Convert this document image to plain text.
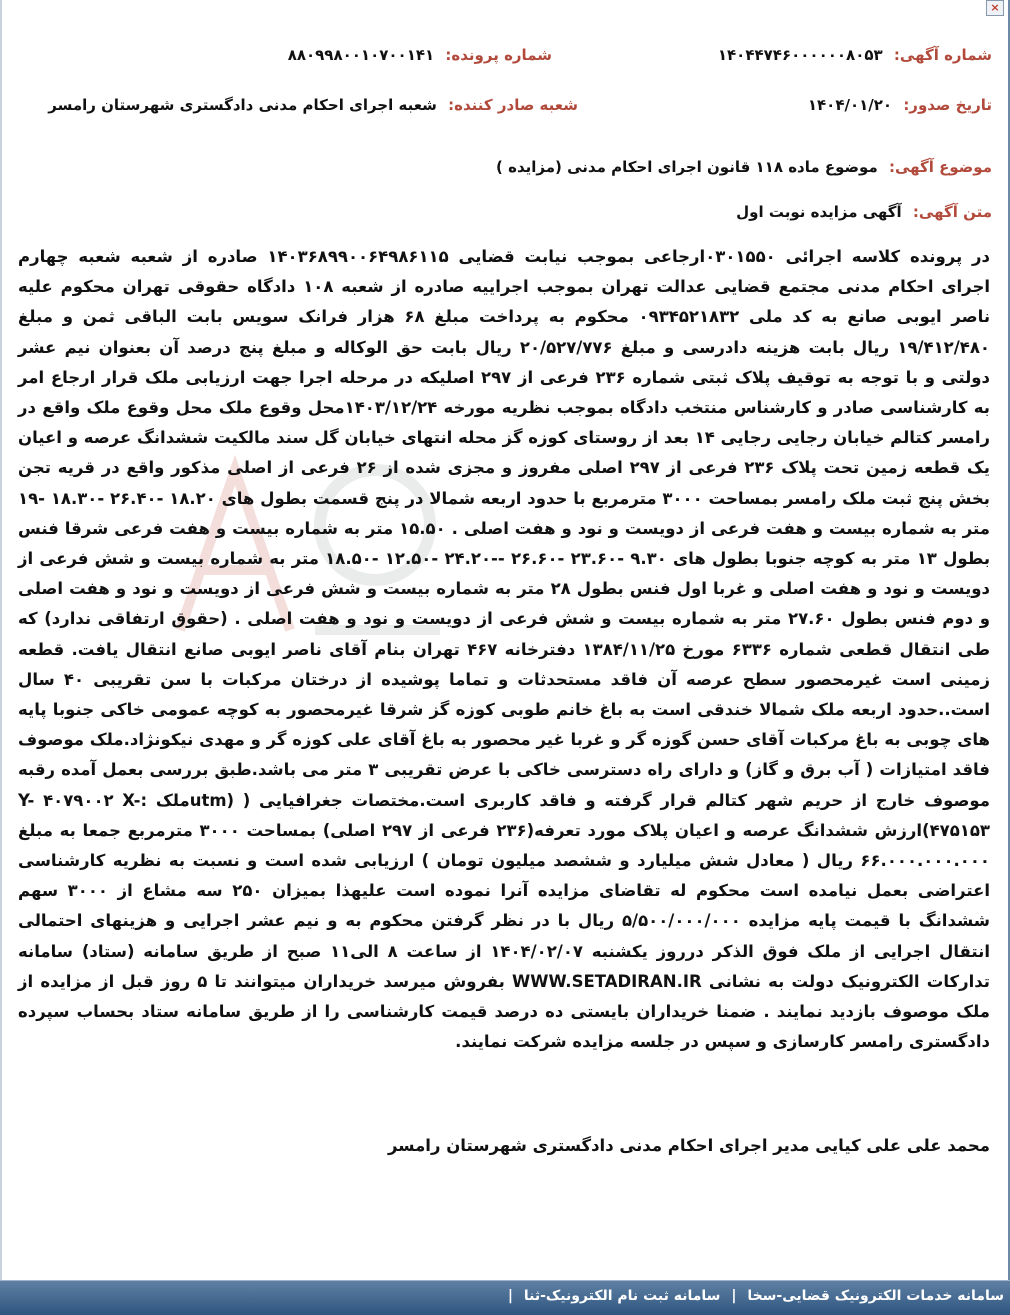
×
شماره آگهی: ۱۴۰۴۴۷۴۶۰۰۰۰۰۰۸۰۵۳
شماره پرونده: ۸۸۰۹۹۸۰۰۱۰۷۰۰۱۴۱
تاریخ صدور: ۱۴۰۴/۰۱/۲۰
شعبه صادر کننده: شعبه اجرای احکام مدنی دادگستری شهرستان رامسر
موضوع آگهی: موضوع ماده ۱۱۸ قانون اجرای احکام مدنی (مزایده )
متن آگهی: آگهی مزایده نوبت اول

در پرونده کلاسه اجرائی ۰۳۰۱۵۵۰ارجاعی بموجب نیابت قضایی ۱۴۰۳۶۸۹۹۰۰۶۴۹۸۶۱۱۵ صادره از شعبه شعبه چهارم اجرای احکام مدنی مجتمع قضایی عدالت تهران بموجب اجراییه صادره از شعبه ۱۰۸ دادگاه حقوقی تهران محکوم علیه ناصر ایوبی صانع به کد ملی ۰۹۳۴۵۲۱۸۳۲ محکوم به پرداخت مبلغ ۶۸ هزار فرانک سویس بابت الباقی ثمن و مبلغ ۱۹/۴۱۲/۴۸۰ ریال بابت هزینه دادرسی و مبلغ ۲۰/۵۲۷/۷۷۶ ریال بابت حق الوکاله و مبلغ پنج درصد آن بعنوان نیم عشر دولتی و با توجه به توقیف پلاک ثبتی شماره ۲۳۶ فرعی از ۲۹۷ اصلیکه در مرحله اجرا جهت ارزیابی ملک قرار ارجاع امر به کارشناسی صادر و کارشناس منتخب دادگاه بموجب نظریه مورخه ۱۴۰۳/۱۲/۲۴محل وقوع ملک محل وقوع ملک واقع در رامسر کتالم خیابان رجایی رجایی ۱۴ بعد از روستای کوزه گز محله انتهای خیابان گل سند مالکیت ششدانگ عرصه و اعیان یک قطعه زمین تحت پلاک ۲۳۶ فرعی از ۲۹۷ اصلی مفروز و مجزی شده از ۲۶ فرعی از اصلی مذکور واقع در قریه تجن بخش پنج ثبت ملک رامسر بمساحت ۳۰۰۰ مترمربع با حدود اربعه شمالا در پنج قسمت بطول های ۱۸.۲۰ -۲۶.۴۰ -۱۸.۳۰ -۱۹ متر به شماره بیست و هفت فرعی از دویست و نود و هفت اصلی . ۱۵.۵۰ متر به شماره بیست و هفت فرعی شرقا فنس بطول ۱۳ متر به کوچه جنوبا بطول های ۹.۳۰ -۲۳.۶۰ -۲۶.۶۰ --۲۴.۲۰ -۱۲.۵۰ -۱۸.۵۰ متر به شماره بیست و شش فرعی از دویست و نود و هفت اصلی و غربا اول فنس بطول ۲۸ متر به شماره بیست و شش فرعی از دویست و نود و هفت اصلی و دوم فنس بطول ۲۷.۶۰ متر به شماره بیست و شش فرعی از دویست و نود و هفت اصلی . (حقوق ارتفاقی ندارد) که طی انتقال قطعی شماره ۶۳۳۶ مورخ ۱۳۸۴/۱۱/۲۵ دفترخانه ۴۶۷ تهران بنام آقای ناصر ایوبی صانع انتقال یافت. قطعه زمینی است غیرمحصور سطح عرصه آن فاقد مستحدثات و تماما پوشیده از درختان مرکبات با سن تقریبی ۴۰ سال است..حدود اربعه ملک شمالا خندقی است به باغ خانم طوبی کوزه گز شرقا غیرمحصور به کوچه عمومی خاکی جنوبا پایه های چوبی به باغ مرکبات آقای حسن گوزه گر و غربا غیر محصور به باغ آقای علی کوزه گر و مهدی نیکونژاد.ملک موصوف فاقد امتیازات ( آب برق و گاز) و دارای راه دسترسی خاکی با عرض تقریبی ۳ متر می باشد.طبق بررسی بعمل آمده رقبه موصوف خارج از حریم شهر کتالم قرار گرفته و فاقد کاربری است.مختصات جغرافیایی ( (utmملک :Y- ۴۰۷۹۰۰۲ X- ۴۷۵۱۵۳)ارزش ششدانگ عرصه و اعیان پلاک مورد تعرفه(۲۳۶ فرعی از ۲۹۷ اصلی) بمساحت ۳۰۰۰ مترمربع جمعا به مبلغ ۶۶.۰۰۰.۰۰۰.۰۰۰ ریال ( معادل شش میلیارد و ششصد میلیون تومان ) ارزیابی شده است و نسبت به نظریه کارشناسی اعتراضی بعمل نیامده است محکوم له تقاضای مزایده آنرا نموده است علیهذا بمیزان ۲۵۰ سه مشاع از ۳۰۰۰ سهم ششدانگ با قیمت پایه مزایده ۵/۵۰۰/۰۰۰/۰۰۰ ریال با در نظر گرفتن محکوم به و نیم عشر اجرایی و هزینهای احتمالی انتقال اجرایی از ملک فوق الذکر درروز یکشنبه ۱۴۰۴/۰۲/۰۷ از ساعت ۸ الی۱۱ صبح از طریق سامانه (ستاد) سامانه تدارکات الکترونیک دولت به نشانی WWW.SETADIRAN.IR بفروش میرسد خریداران میتوانند تا ۵ روز قبل از مزایده از ملک موصوف بازدید نمایند . ضمنا خریداران بایستی ده درصد قیمت کارشناسی را از طریق سامانه ستاد بحساب سپرده دادگستری رامسر کارسازی و سپس در جلسه مزایده شرکت نمایند.

محمد علی علی کیایی مدیر اجرای احکام مدنی دادگستری شهرستان رامسر
سامانه خدمات الکترونیک قضایی-سخا | سامانه ثبت نام الکترونیک-ثنا |
